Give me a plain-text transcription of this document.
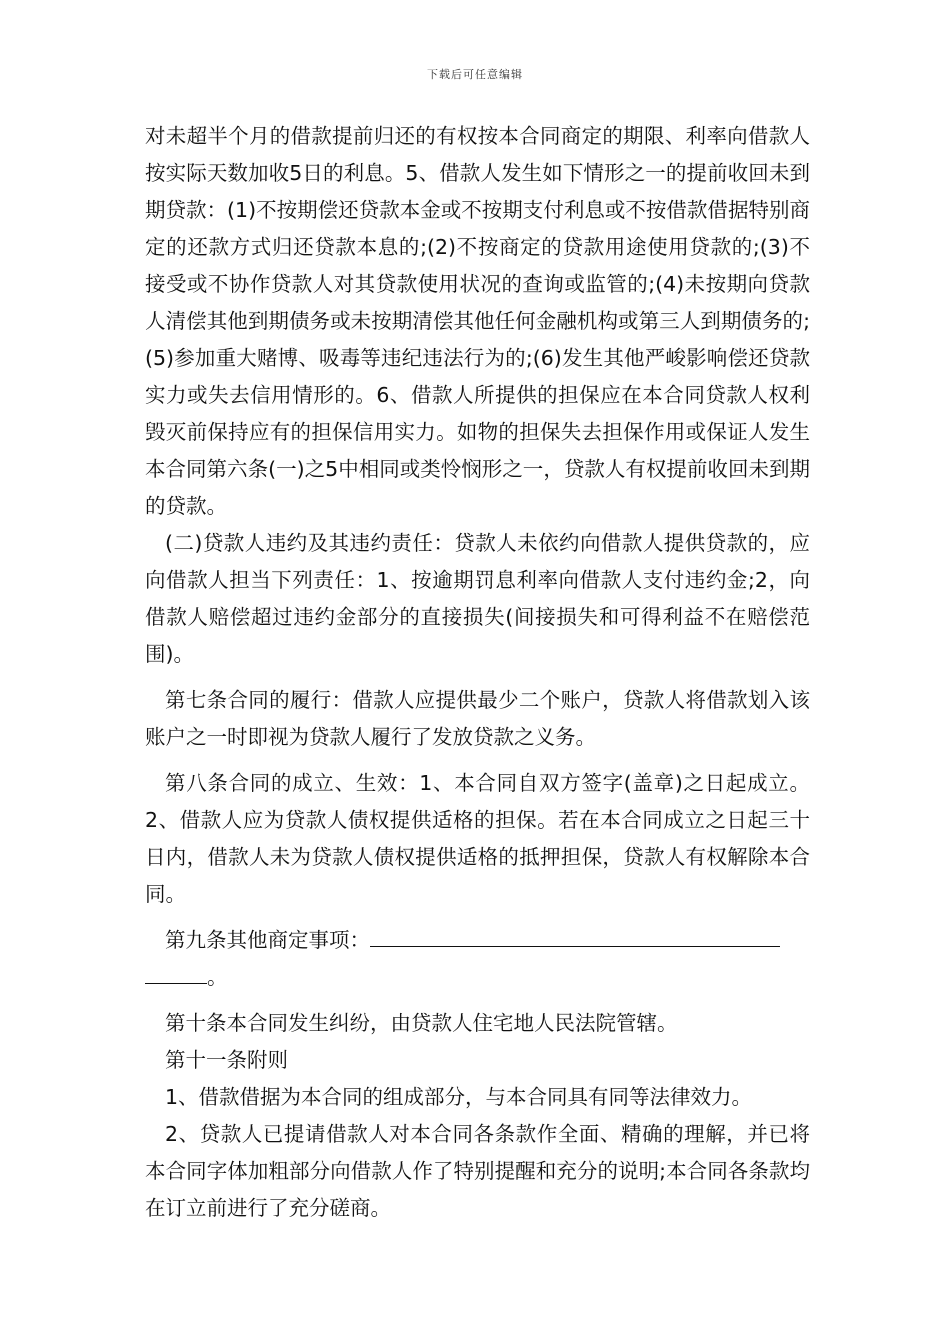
下载后可任意编辑

对未超半个月的借款提前归还的有权按本合同商定的期限、利率向借款人按实际天数加收5日的利息。5、借款人发生如下情形之一的提前收回未到期贷款：(1)不按期偿还贷款本金或不按期支付利息或不按借款借据特别商定的还款方式归还贷款本息的;(2)不按商定的贷款用途使用贷款的;(3)不接受或不协作贷款人对其贷款使用状况的查询或监管的;(4)未按期向贷款人清偿其他到期债务或未按期清偿其他任何金融机构或第三人到期债务的;(5)参加重大赌博、吸毒等违纪违法行为的;(6)发生其他严峻影响偿还贷款实力或失去信用情形的。6、借款人所提供的担保应在本合同贷款人权利毁灭前保持应有的担保信用实力。如物的担保失去担保作用或保证人发生本合同第六条(一)之5中相同或类怜悯形之一，贷款人有权提前收回未到期的贷款。

(二)贷款人违约及其违约责任：贷款人未依约向借款人提供贷款的，应向借款人担当下列责任：1、按逾期罚息利率向借款人支付违约金;2，向借款人赔偿超过违约金部分的直接损失(间接损失和可得利益不在赔偿范围)。

第七条合同的履行：借款人应提供最少二个账户，贷款人将借款划入该账户之一时即视为贷款人履行了发放贷款之义务。

第八条合同的成立、生效：1、本合同自双方签字(盖章)之日起成立。2、借款人应为贷款人债权提供适格的担保。若在本合同成立之日起三十日内，借款人未为贷款人债权提供适格的抵押担保，贷款人有权解除本合同。

第九条其他商定事项：
。

第十条本合同发生纠纷，由贷款人住宅地人民法院管辖。

第十一条附则

1、借款借据为本合同的组成部分，与本合同具有同等法律效力。

2、贷款人已提请借款人对本合同各条款作全面、精确的理解，并已将本合同字体加粗部分向借款人作了特别提醒和充分的说明;本合同各条款均在订立前进行了充分磋商。
